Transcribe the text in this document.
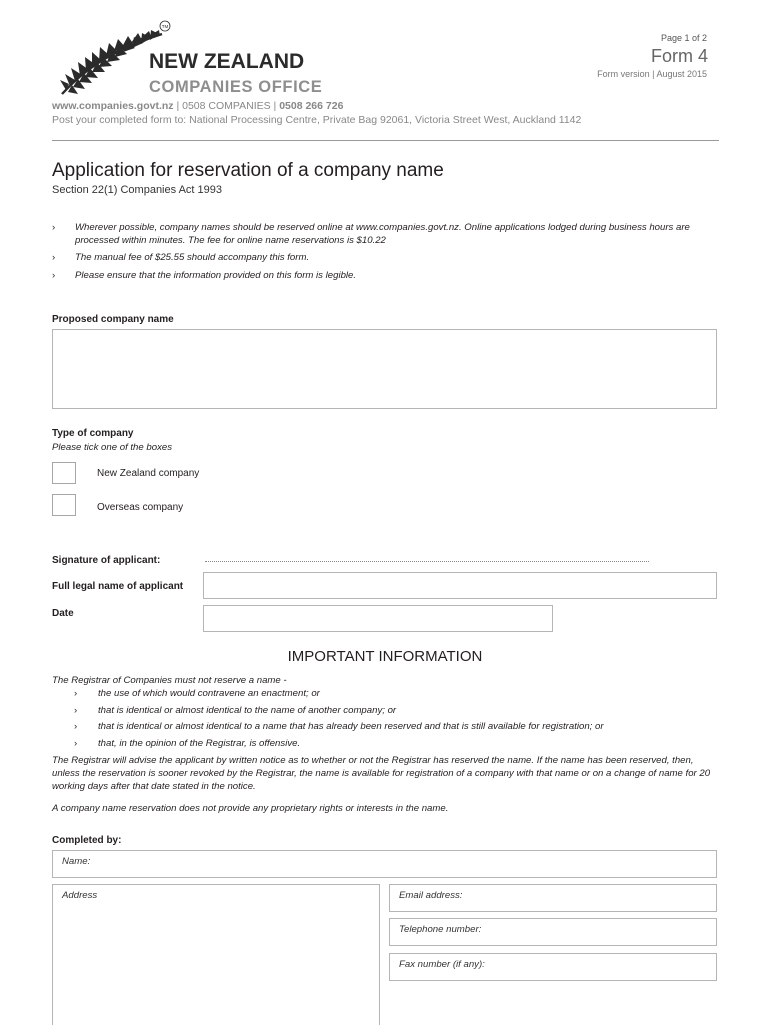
NEW ZEALAND
COMPANIES OFFICE
TM
Page 1 of 2
Form 4
Form version | August 2015
www.companies.govt.nz | 0508 COMPANIES | 0508 266 726
Post your completed form to: National Processing Centre, Private Bag 92061, Victoria Street West, Auckland 1142
Application for reservation of a company name
Section 22(1) Companies Act 1993
› Wherever possible, company names should be reserved online at www.companies.govt.nz. Online applications lodged during business hours are processed within minutes. The fee for online name reservations is $10.22
› The manual fee of $25.55 should accompany this form.
› Please ensure that the information provided on this form is legible.
Proposed company name
Type of company
Please tick one of the boxes
New Zealand company
Overseas company
Signature of applicant:
Full legal name of applicant
Date
IMPORTANT INFORMATION

The Registrar of Companies must not reserve a name -

› the use of which would contravene an enactment; or
› that is identical or almost identical to the name of another company; or
› that is identical or almost identical to a name that has already been reserved and that is still available for registration; or
› that, in the opinion of the Registrar, is offensive.

The Registrar will advise the applicant by written notice as to whether or not the Registrar has reserved the name. If the name has been reserved, then, unless the reservation is sooner revoked by the Registrar, the name is available for registration of a company with that name or on a change of name for 20 working days after that date stated in the notice.

A company name reservation does not provide any proprietary rights or interests in the name.

Completed by:
Name:
Address	Email address:
Telephone number:
Fax number (if any):
